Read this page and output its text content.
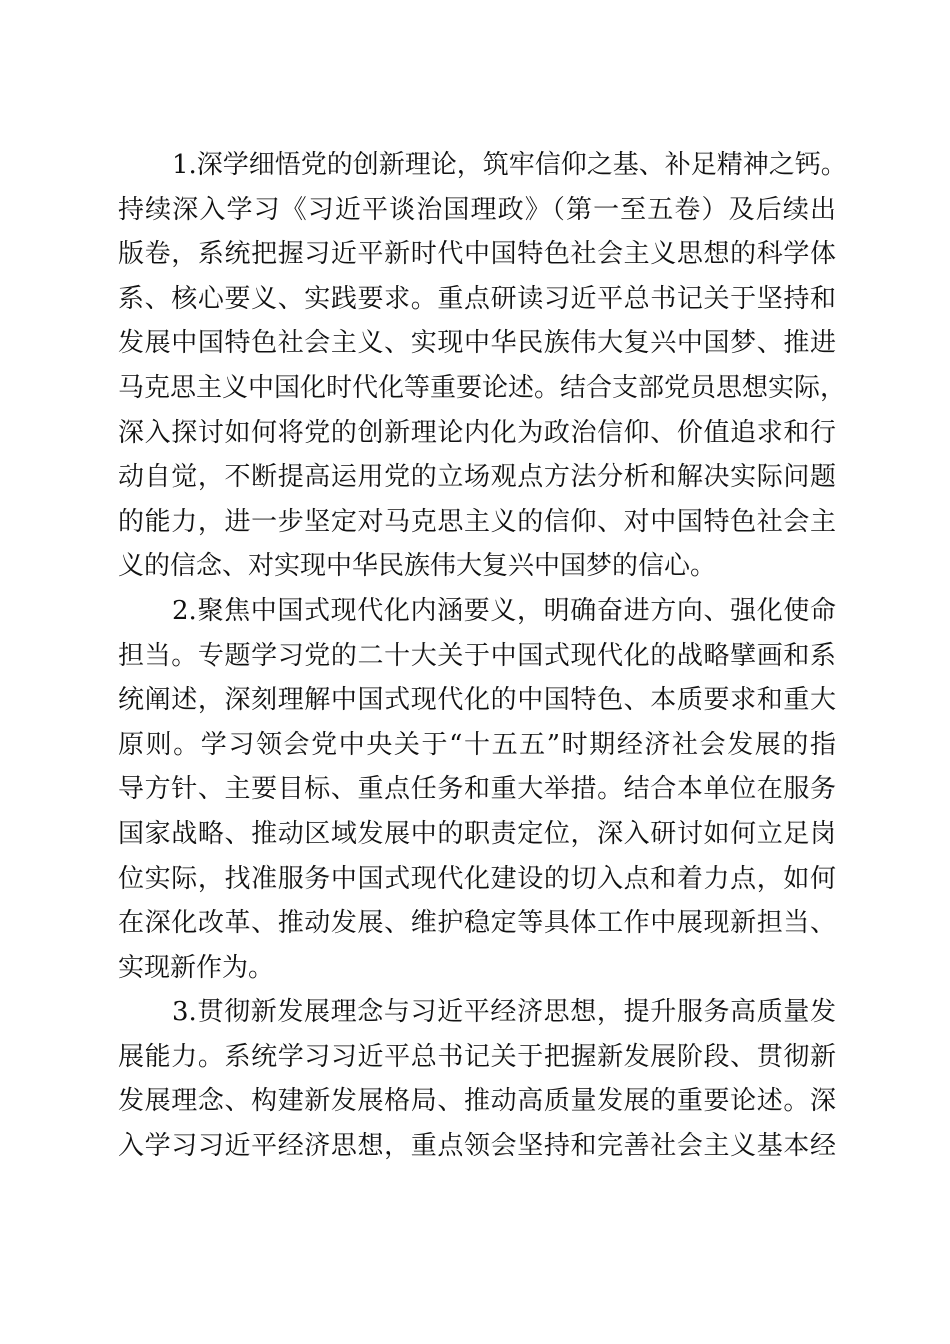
1.深学细悟党的创新理论，筑牢信仰之基、补足精神之钙。
持续深入学习《习近平谈治国理政》（第一至五卷）及后续出
版卷，系统把握习近平新时代中国特色社会主义思想的科学体
系、核心要义、实践要求。重点研读习近平总书记关于坚持和
发展中国特色社会主义、实现中华民族伟大复兴中国梦、推进
马克思主义中国化时代化等重要论述。结合支部党员思想实际，
深入探讨如何将党的创新理论内化为政治信仰、价值追求和行
动自觉，不断提高运用党的立场观点方法分析和解决实际问题
的能力，进一步坚定对马克思主义的信仰、对中国特色社会主
义的信念、对实现中华民族伟大复兴中国梦的信心。
2.聚焦中国式现代化内涵要义，明确奋进方向、强化使命
担当。专题学习党的二十大关于中国式现代化的战略擘画和系
统阐述，深刻理解中国式现代化的中国特色、本质要求和重大
原则。学习领会党中央关于“十五五”时期经济社会发展的指
导方针、主要目标、重点任务和重大举措。结合本单位在服务
国家战略、推动区域发展中的职责定位，深入研讨如何立足岗
位实际，找准服务中国式现代化建设的切入点和着力点，如何
在深化改革、推动发展、维护稳定等具体工作中展现新担当、
实现新作为。
3.贯彻新发展理念与习近平经济思想，提升服务高质量发
展能力。系统学习习近平总书记关于把握新发展阶段、贯彻新
发展理念、构建新发展格局、推动高质量发展的重要论述。深
入学习习近平经济思想，重点领会坚持和完善社会主义基本经
